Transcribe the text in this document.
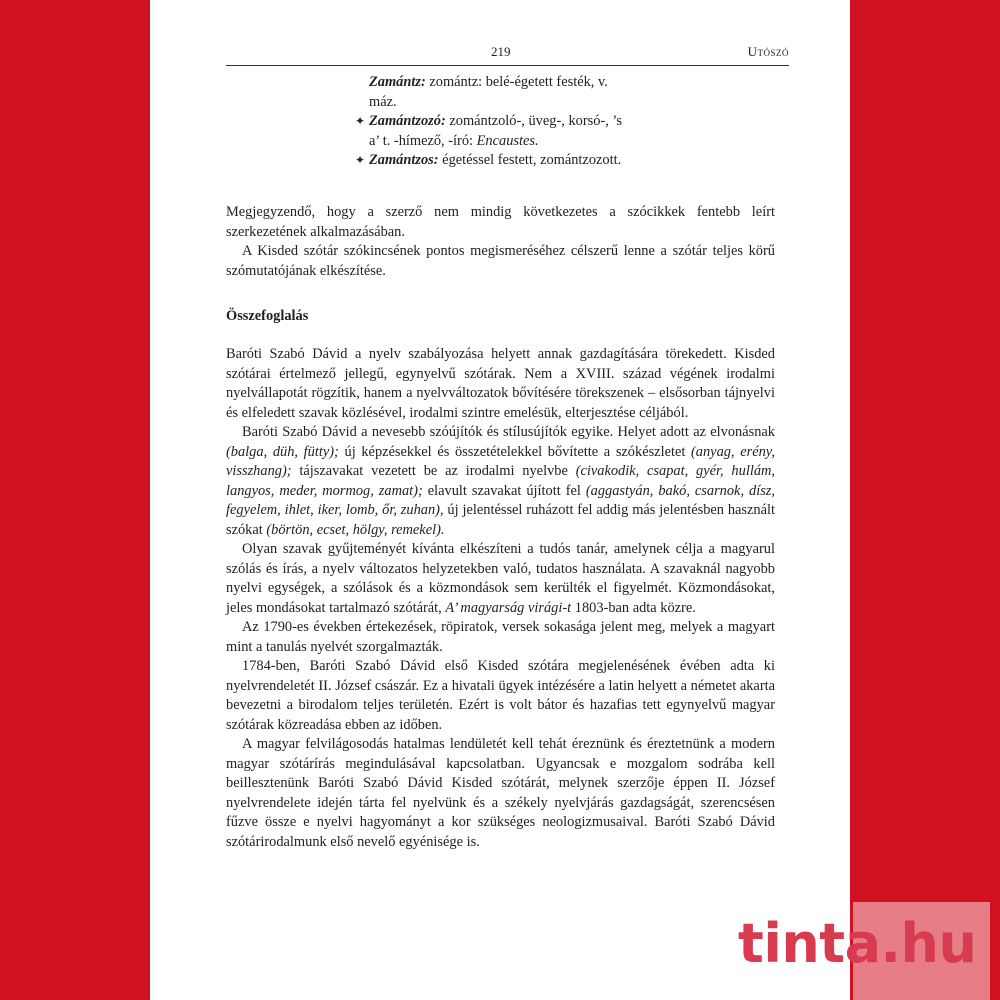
219	Utószó

Zamántz: zomántz: belé-égetett festék, v. máz.

✦ Zamántzozó: zomántzoló-, üveg-, korsó-, ’s a’ t. -hímező, -író: Encaustes.

✦ Zamántzos: égetéssel festett, zomántzozott.

Megjegyzendő, hogy a szerző nem mindig következetes a szócikkek fentebb leírt szerkezetének alkalmazásában.

A Kisded szótár szókincsének pontos megismeréséhez célszerű lenne a szótár teljes körű szómutatójának elkészítése.

Összefoglalás

Baróti Szabó Dávid a nyelv szabályozása helyett annak gazdagítására törekedett. Kisded szótárai értelmező jellegű, egynyelvű szótárak. Nem a XVIII. század végének irodalmi nyelvállapotát rögzítik, hanem a nyelvváltozatok bővítésére törekszenek – elsősorban tájnyelvi és elfeledett szavak közlésével, irodalmi szintre emelésük, elterjesztése céljából.

Baróti Szabó Dávid a nevesebb szóújítók és stílusújítók egyike. Helyet adott az elvonásnak (balga, düh, fütty); új képzésekkel és összetételekkel bővítette a szókészletet (anyag, erény, visszhang); tájszavakat vezetett be az irodalmi nyelvbe (civakodik, csapat, gyér, hullám, langyos, meder, mormog, zamat); elavult szavakat újított fel (aggastyán, bakó, csarnok, dísz, fegyelem, ihlet, iker, lomb, őr, zuhan), új jelentéssel ruházott fel addig más jelentésben használt szókat (börtön, ecset, hölgy, remekel).

Olyan szavak gyűjteményét kívánta elkészíteni a tudós tanár, amelynek célja a magyarul szólás és írás, a nyelv változatos helyzetekben való, tudatos használata. A szavaknál nagyobb nyelvi egységek, a szólások és a közmondások sem kerülték el figyelmét. Közmondásokat, jeles mondásokat tartalmazó szótárát, A’ magyarság virági-t 1803-ban adta közre.

Az 1790-es években értekezések, röpiratok, versek sokasága jelent meg, melyek a magyart mint a tanulás nyelvét szorgalmazták.

1784-ben, Baróti Szabó Dávid első Kisded szótára megjelenésének évében adta ki nyelvrendeletét II. József császár. Ez a hivatali ügyek intézésére a latin helyett a németet akarta bevezetni a birodalom teljes területén. Ezért is volt bátor és hazafias tett egynyelvű magyar szótárak közreadása ebben az időben.

A magyar felvilágosodás hatalmas lendületét kell tehát éreznünk és éreztetnünk a modern magyar szótárírás megindulásával kapcsolatban. Ugyancsak e mozgalom sodrába kell beillesztenünk Baróti Szabó Dávid Kisded szótárát, melynek szerzője éppen II. József nyelvrendelete idején tárta fel nyelvünk és a székely nyelvjárás gazdagságát, szerencsésen fűzve össze e nyelvi hagyományt a kor szükséges neologizmusaival. Baróti Szabó Dávid szótárirodalmunk első nevelő egyénisége is.

tinta.hu
